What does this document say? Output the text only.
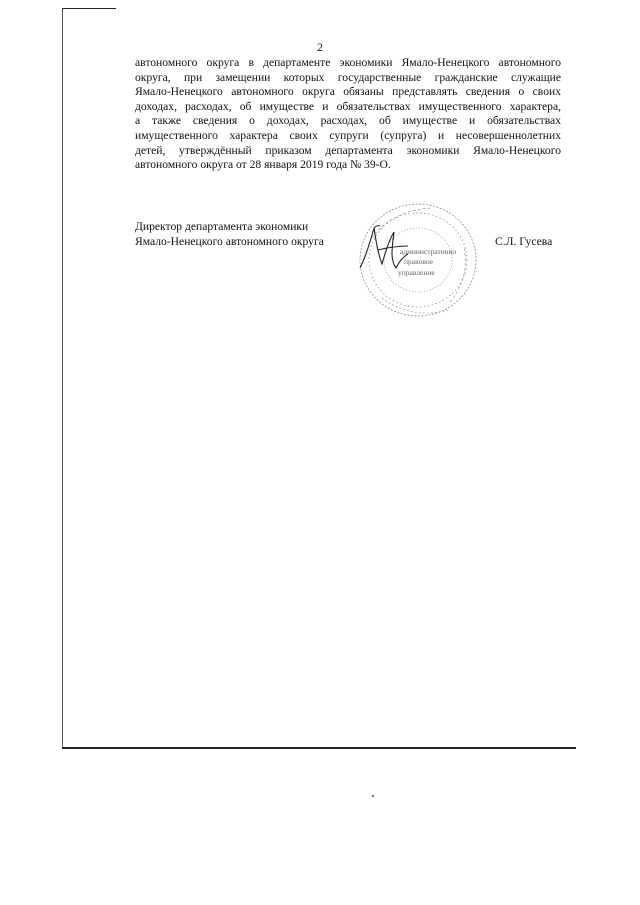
2

автономного округа в департаменте экономики Ямало-Ненецкого автономного
округа, при замещении которых государственные гражданские служащие
Ямало-Ненецкого автономного округа обязаны представлять сведения о своих
доходах, расходах, об имуществе и обязательствах имущественного характера,
а также сведения о доходах, расходах, об имуществе и обязательствах
имущественного характера своих супруги (супруга) и несовершеннолетних
детей, утверждённый приказом департамента экономики Ямало-Ненецкого
автономного округа от 28 января 2019 года № 39-О.

Директор департамента экономики
Ямало-Ненецкого автономного округа
административно
правовое
управление
С.Л. Гусева
